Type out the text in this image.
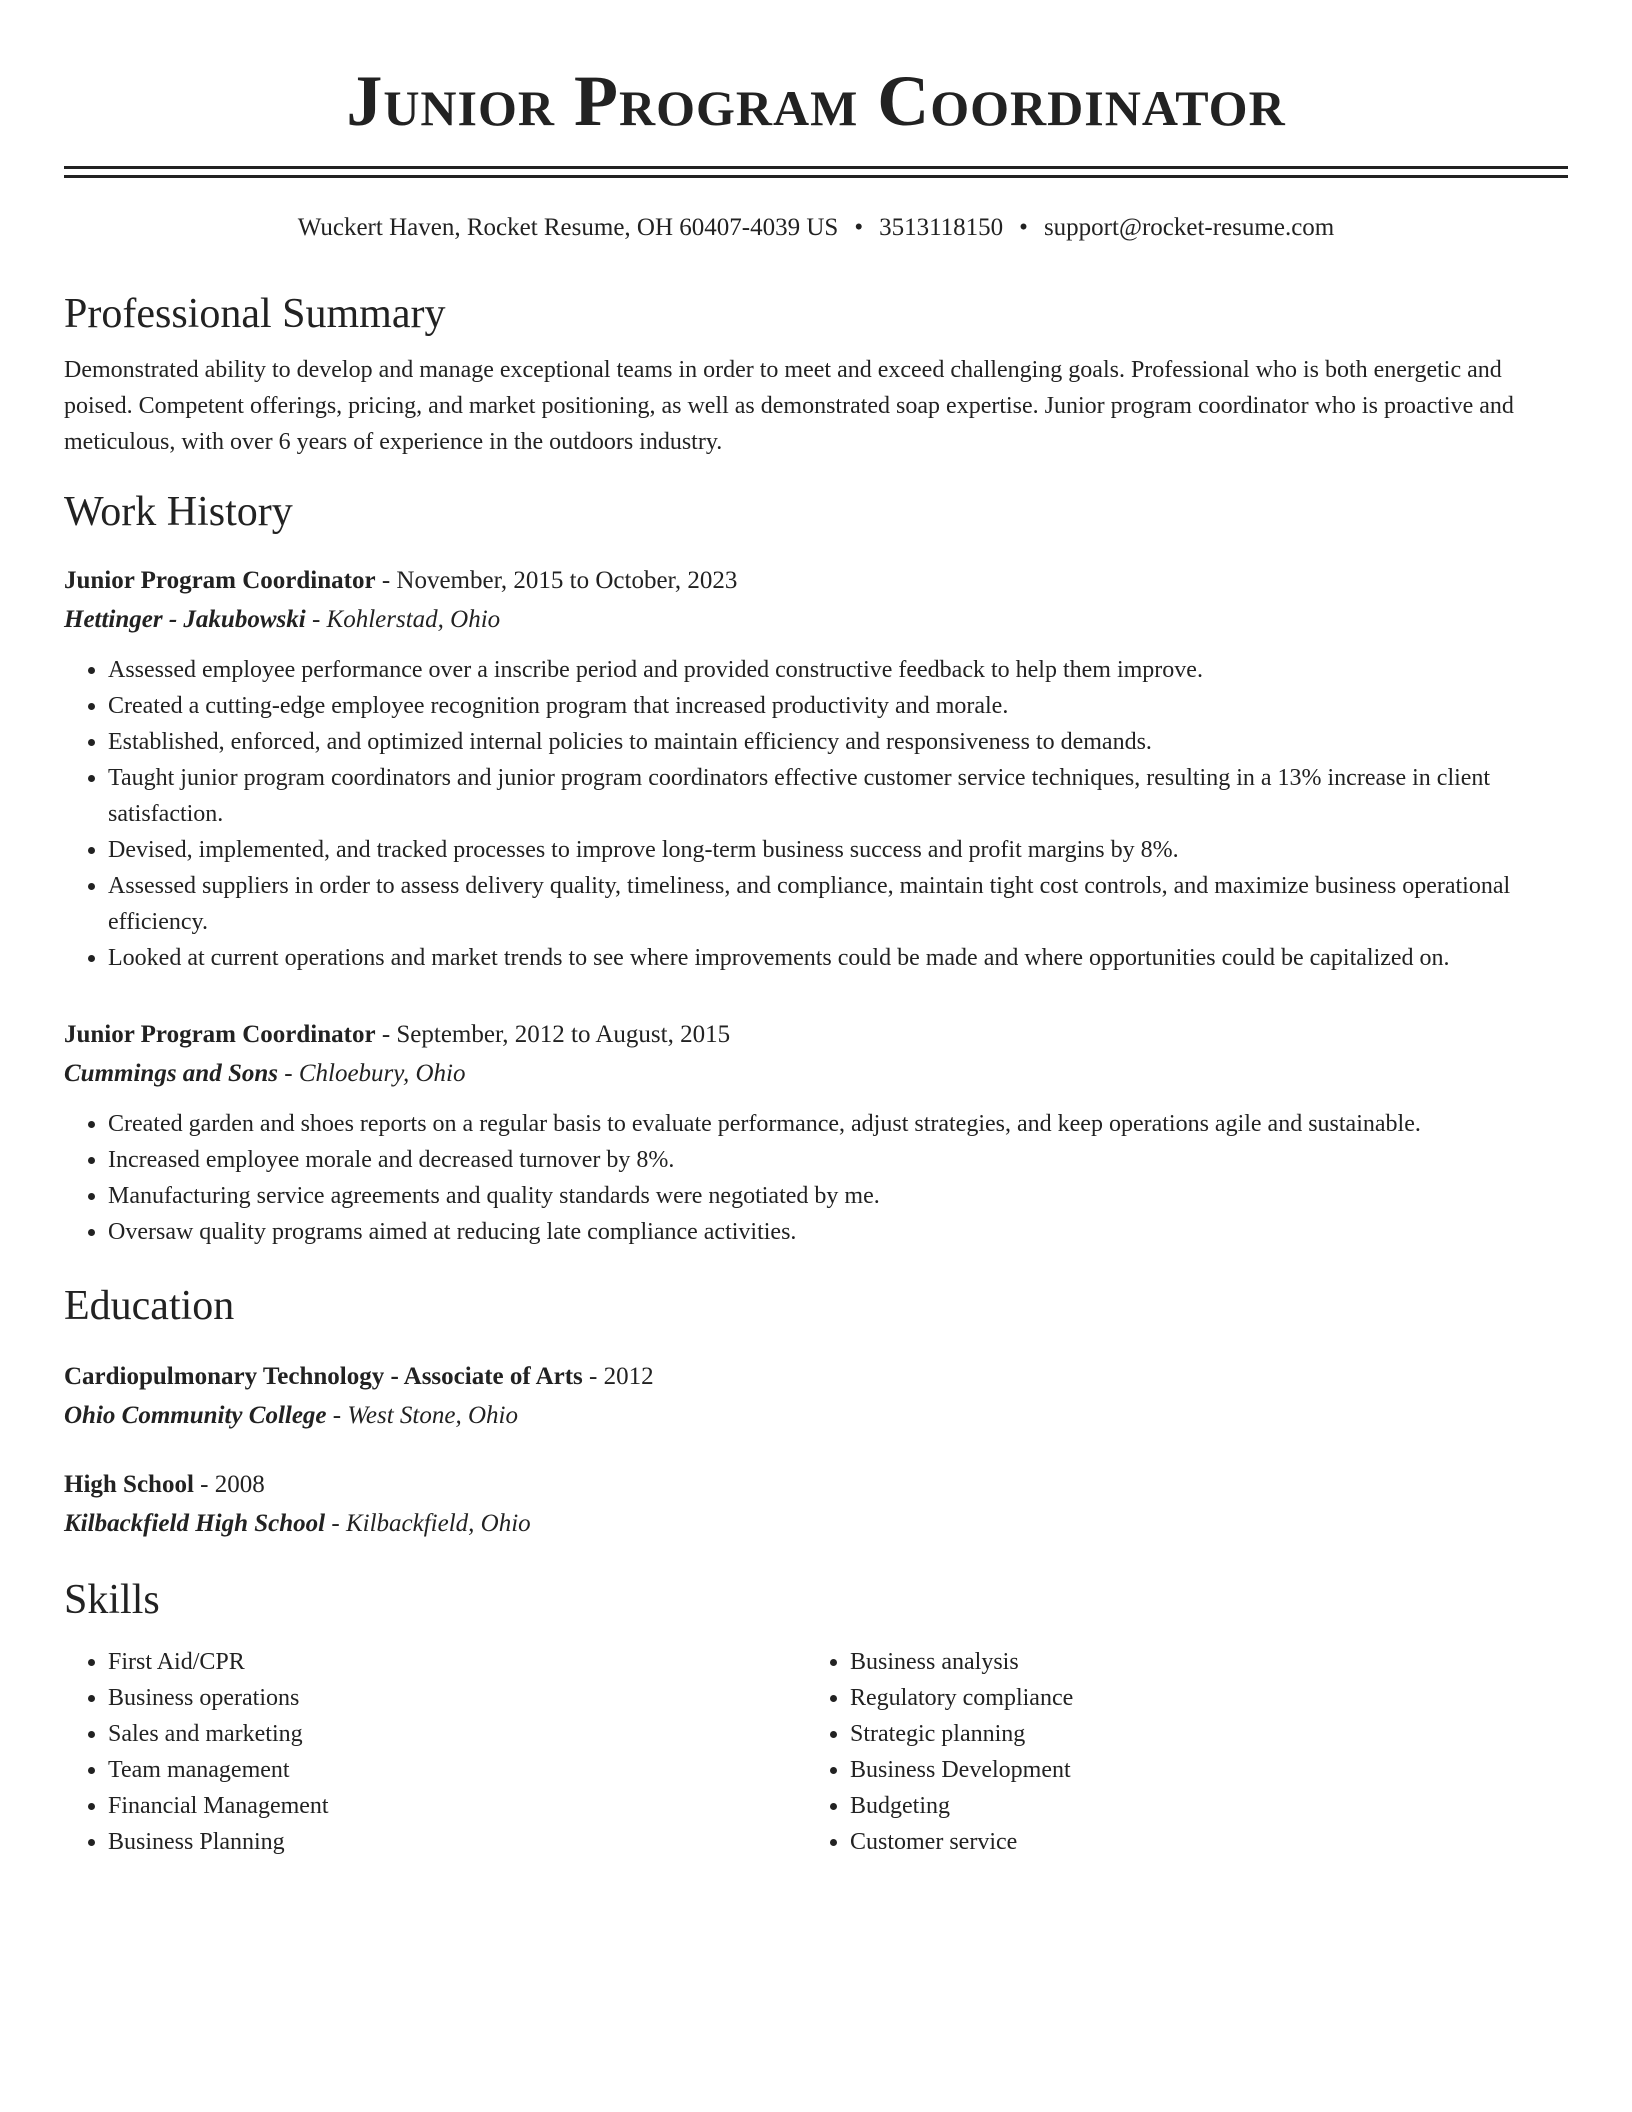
Junior Program Coordinator
Wuckert Haven, Rocket Resume, OH 60407-4039 US • 3513118150 • support@rocket-resume.com
Professional Summary

Demonstrated ability to develop and manage exceptional teams in order to meet and exceed challenging goals. Professional who is both energetic and poised. Competent offerings, pricing, and market positioning, as well as demonstrated soap expertise. Junior program coordinator who is proactive and meticulous, with over 6 years of experience in the outdoors industry.

Work History

Junior Program Coordinator - November, 2015 to October, 2023

Hettinger - Jakubowski - Kohlerstad, Ohio

• Assessed employee performance over a inscribe period and provided constructive feedback to help them improve.
• Created a cutting-edge employee recognition program that increased productivity and morale.
• Established, enforced, and optimized internal policies to maintain efficiency and responsiveness to demands.
• Taught junior program coordinators and junior program coordinators effective customer service techniques, resulting in a 13% increase in client satisfaction.
• Devised, implemented, and tracked processes to improve long-term business success and profit margins by 8%.
• Assessed suppliers in order to assess delivery quality, timeliness, and compliance, maintain tight cost controls, and maximize business operational efficiency.
• Looked at current operations and market trends to see where improvements could be made and where opportunities could be capitalized on.

Junior Program Coordinator - September, 2012 to August, 2015

Cummings and Sons - Chloebury, Ohio

• Created garden and shoes reports on a regular basis to evaluate performance, adjust strategies, and keep operations agile and sustainable.
• Increased employee morale and decreased turnover by 8%.
• Manufacturing service agreements and quality standards were negotiated by me.
• Oversaw quality programs aimed at reducing late compliance activities.
Education

Cardiopulmonary Technology - Associate of Arts - 2012

Ohio Community College - West Stone, Ohio

High School - 2008

Kilbackfield High School - Kilbackfield, Ohio

Skills
• First Aid/CPR
• Business operations
• Sales and marketing
• Team management
• Financial Management
• Business Planning
• Business analysis
• Regulatory compliance
• Strategic planning
• Business Development
• Budgeting
• Customer service
